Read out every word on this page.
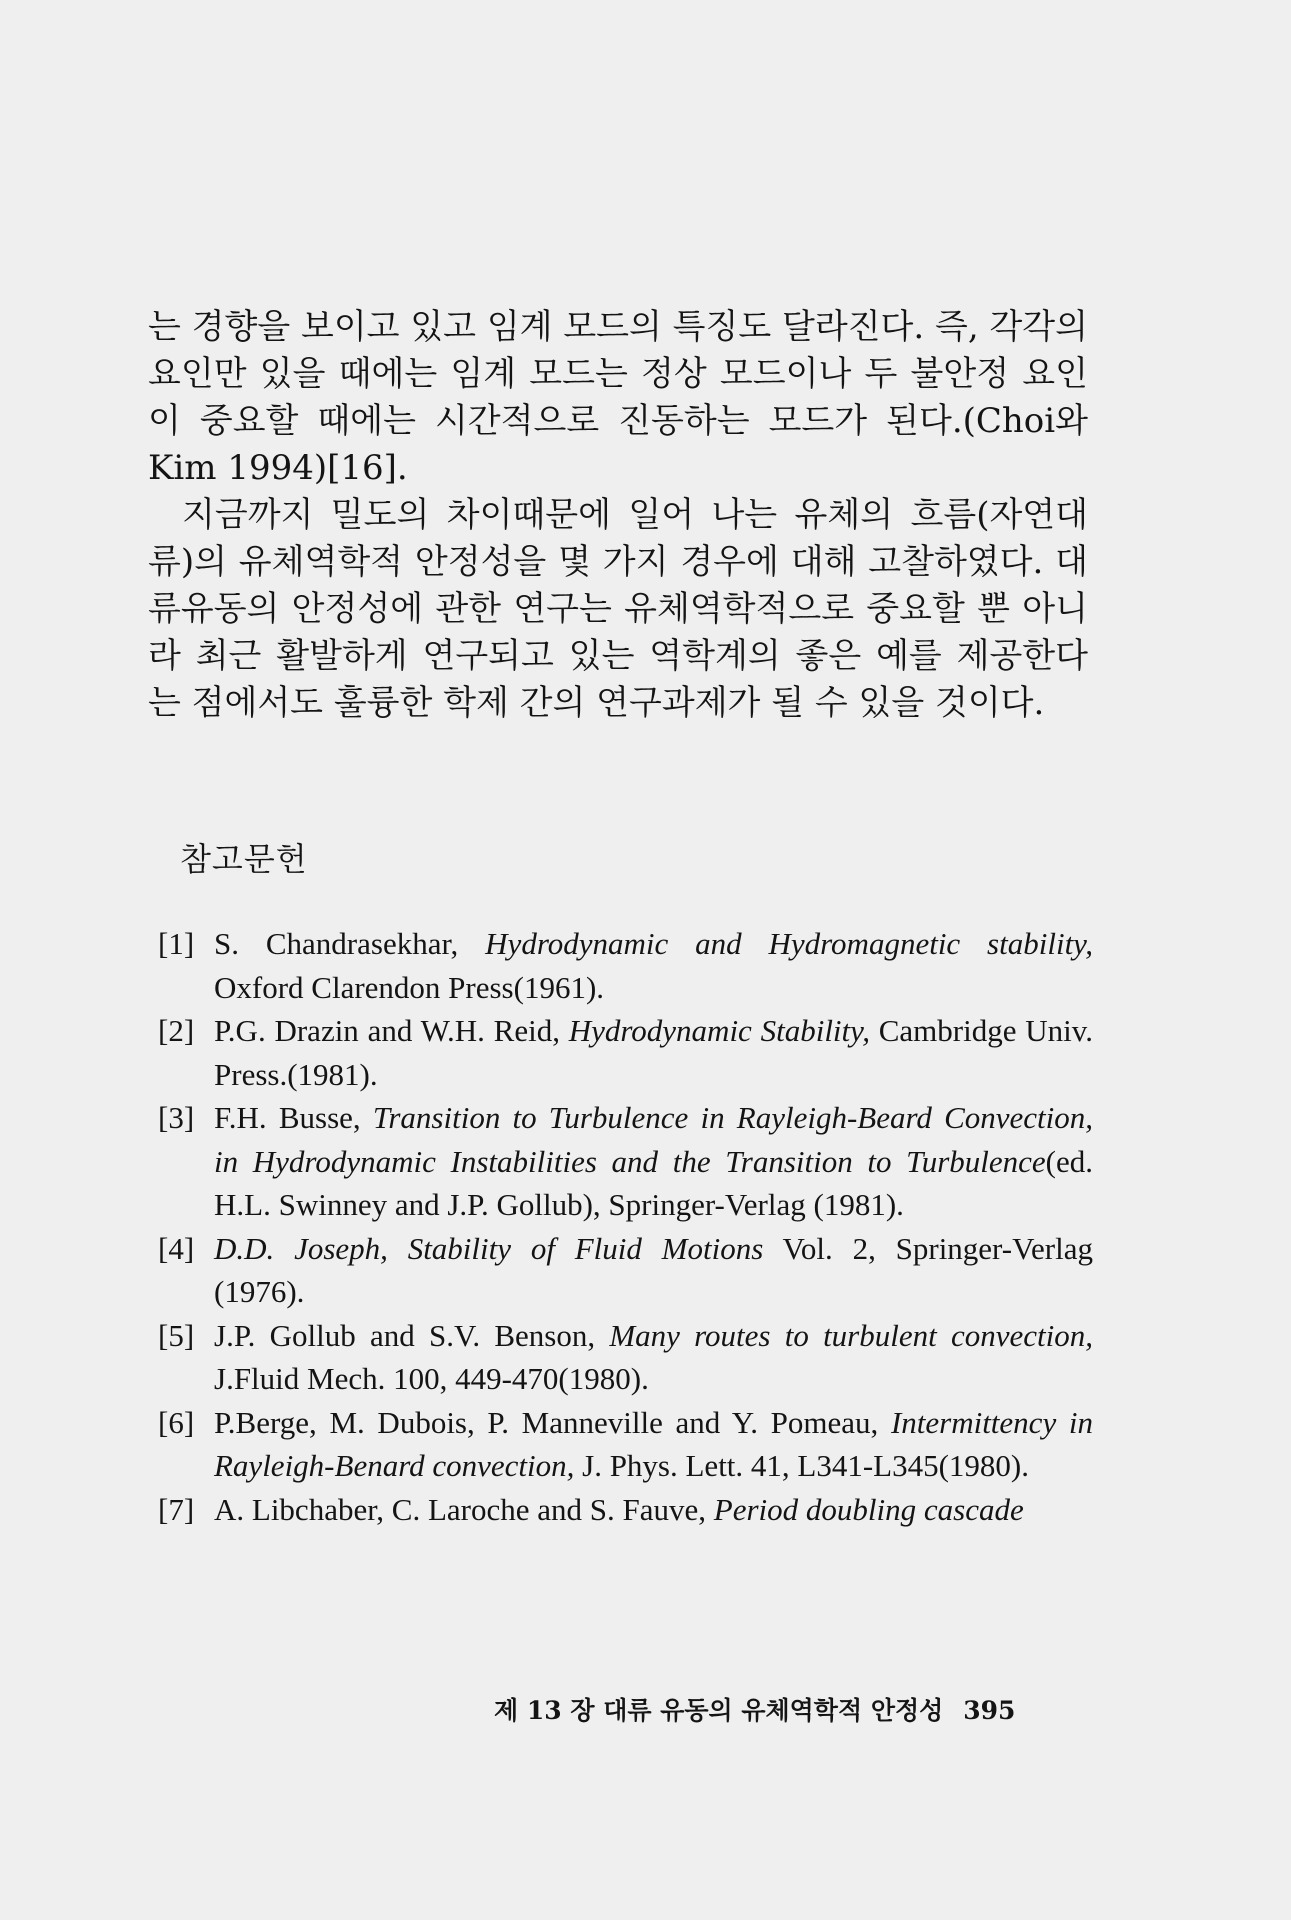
는 경향을 보이고 있고 임계 모드의 특징도 달라진다. 즉, 각각의 요인만 있을 때에는 임계 모드는 정상 모드이나 두 불안정 요인이 중요할 때에는 시간적으로 진동하는 모드가 된다.(Choi와 Kim 1994)[16].

지금까지 밀도의 차이때문에 일어 나는 유체의 흐름(자연대류)의 유체역학적 안정성을 몇 가지 경우에 대해 고찰하였다. 대류유동의 안정성에 관한 연구는 유체역학적으로 중요할 뿐 아니라 최근 활발하게 연구되고 있는 역학계의 좋은 예를 제공한다는 점에서도 훌륭한 학제 간의 연구과제가 될 수 있을 것이다.

참고문헌
[1] S. Chandrasekhar, Hydrodynamic and Hydromagnetic stability, Oxford Clarendon Press(1961).
[2] P.G. Drazin and W.H. Reid, Hydrodynamic Stability, Cambridge Univ. Press.(1981).
[3] F.H. Busse, Transition to Turbulence in Rayleigh-Beard Convection, in Hydrodynamic Instabilities and the Transition to Turbulence(ed. H.L. Swinney and J.P. Gollub), Springer-Verlag (1981).
[4] D.D. Joseph, Stability of Fluid Motions Vol. 2, Springer-Verlag (1976).
[5] J.P. Gollub and S.V. Benson, Many routes to turbulent convection, J.Fluid Mech. 100, 449-470(1980).
[6] P.Berge, M. Dubois, P. Manneville and Y. Pomeau, Intermittency in Rayleigh-Benard convection, J. Phys. Lett. 41, L341-L345(1980).
[7] A. Libchaber, C. Laroche and S. Fauve, Period doubling cascade
제 13 장 대류 유동의 유체역학적 안정성 395
